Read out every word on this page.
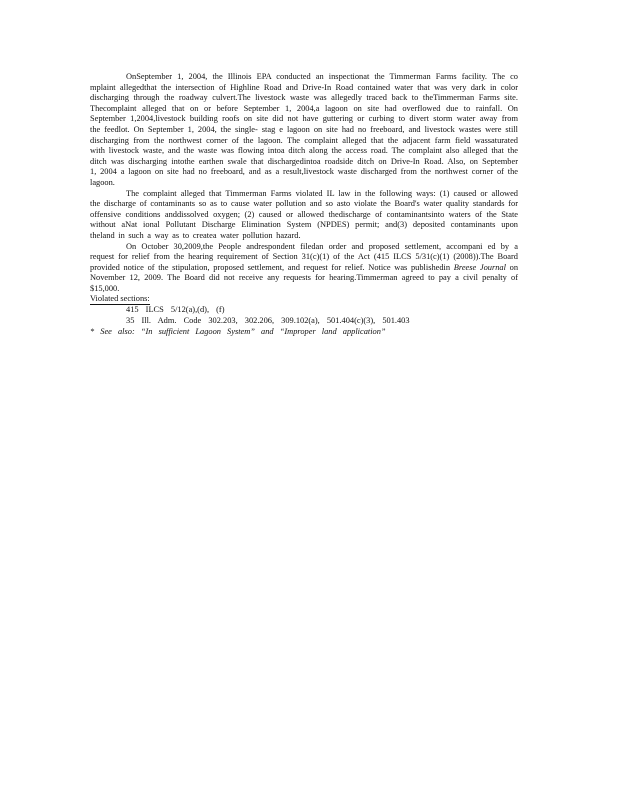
OnSeptember 1, 2004, the Illinois EPA conducted an inspectionat the Timmerman Farms facility. The co mplaint allegedthat the intersection of Highline Road and Drive-In Road contained water that was very dark in color discharging through the roadway culvert.The livestock waste was allegedly traced back to theTimmerman Farms site. Thecomplaint alleged that on or before September 1, 2004,a lagoon on site had overflowed due to rainfall. On September 1,2004,livestock building roofs on site did not have guttering or curbing to divert storm water away from the feedlot. On September 1, 2004, the single- stag e lagoon on site had no freeboard, and livestock wastes were still discharging from the northwest corner of the lagoon. The complaint alleged that the adjacent farm field wassaturated with livestock waste, and the waste was flowing intoa ditch along the access road. The complaint also alleged that the ditch was discharging intothe earthen swale that dischargedintoa roadside ditch on Drive-In Road. Also, on September 1, 2004 a lagoon on site had no freeboard, and as a result,livestock waste discharged from the northwest corner of the lagoon.

The complaint alleged that Timmerman Farms violated IL law in the following ways: (1) caused or allowed the discharge of contaminants so as to cause water pollution and so asto violate the Board's water quality standards for offensive conditions anddissolved oxygen; (2) caused or allowed thedischarge of contaminantsinto waters of the State without aNat ional Pollutant Discharge Elimination System (NPDES) permit; and(3) deposited contaminants upon theland in such a way as to createa water pollution hazard.

On October 30,2009,the People andrespondent filedan order and proposed settlement, accompani ed by a request for relief from the hearing requirement of Section 31(c)(1) of the Act (415 ILCS 5/31(c)(1) (2008)).The Board provided notice of the stipulation, proposed settlement, and request for relief. Notice was publishedin Breese Journal on November 12, 2009. The Board did not receive any requests for hearing.Timmerman agreed to pay a civil penalty of $15,000.

Violated sections:

415 ILCS 5/12(a),(d), (f)
35 Ill. Adm. Code 302.203, 302.206, 309.102(a), 501.404(c)(3), 501.403

* See also: “In sufficient Lagoon System” and “Improper land application”
